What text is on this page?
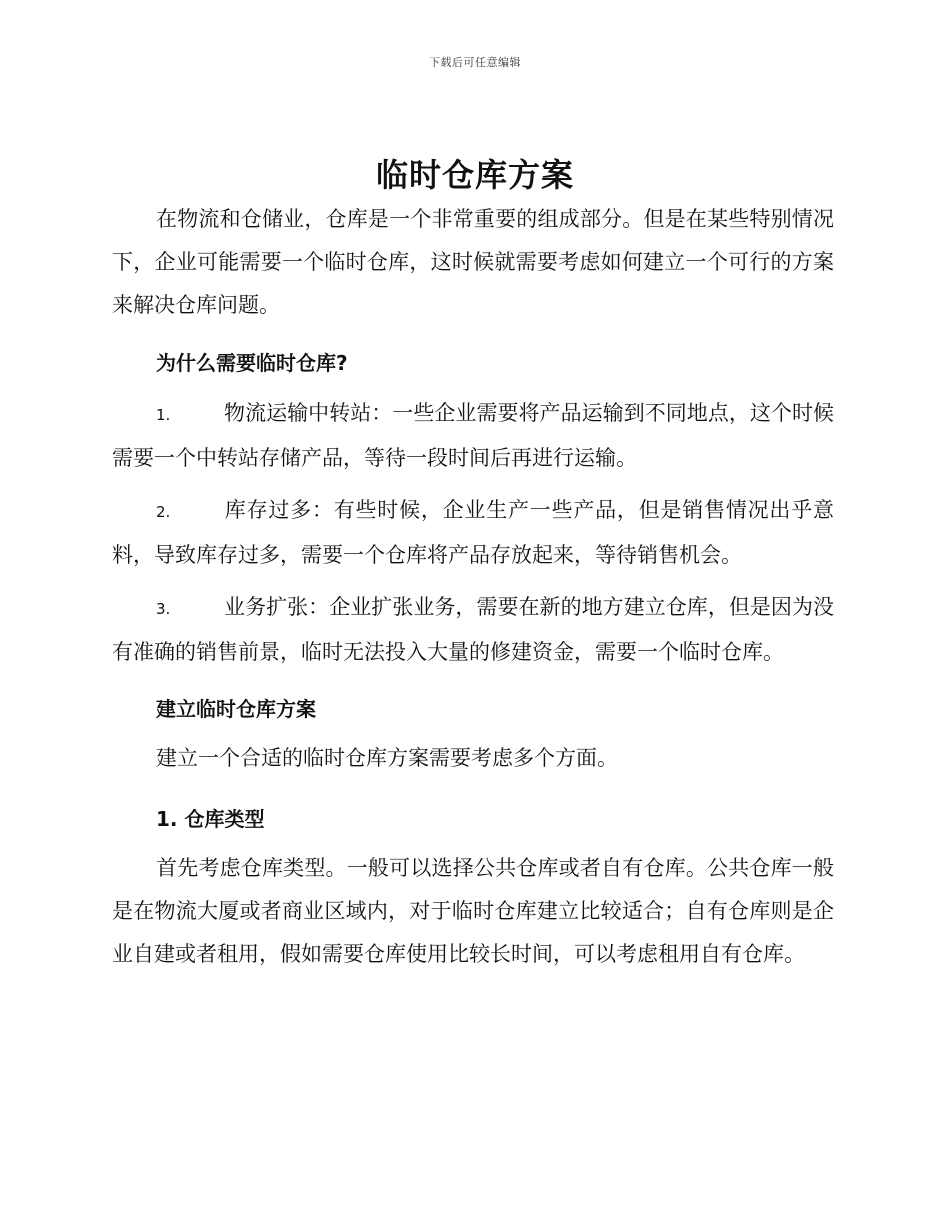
下载后可任意编辑
临时仓库方案

在物流和仓储业，仓库是一个非常重要的组成部分。但是在某些特别情况下，企业可能需要一个临时仓库，这时候就需要考虑如何建立一个可行的方案来解决仓库问题。

为什么需要临时仓库?

1.	物流运输中转站：一些企业需要将产品运输到不同地点，这个时候需要一个中转站存储产品，等待一段时间后再进行运输。

2.	库存过多：有些时候，企业生产一些产品，但是销售情况出乎意料，导致库存过多，需要一个仓库将产品存放起来，等待销售机会。

3.	业务扩张：企业扩张业务，需要在新的地方建立仓库，但是因为没有准确的销售前景，临时无法投入大量的修建资金，需要一个临时仓库。

建立临时仓库方案

建立一个合适的临时仓库方案需要考虑多个方面。

1. 仓库类型

首先考虑仓库类型。一般可以选择公共仓库或者自有仓库。公共仓库一般是在物流大厦或者商业区域内，对于临时仓库建立比较适合；自有仓库则是企业自建或者租用，假如需要仓库使用比较长时间，可以考虑租用自有仓库。
